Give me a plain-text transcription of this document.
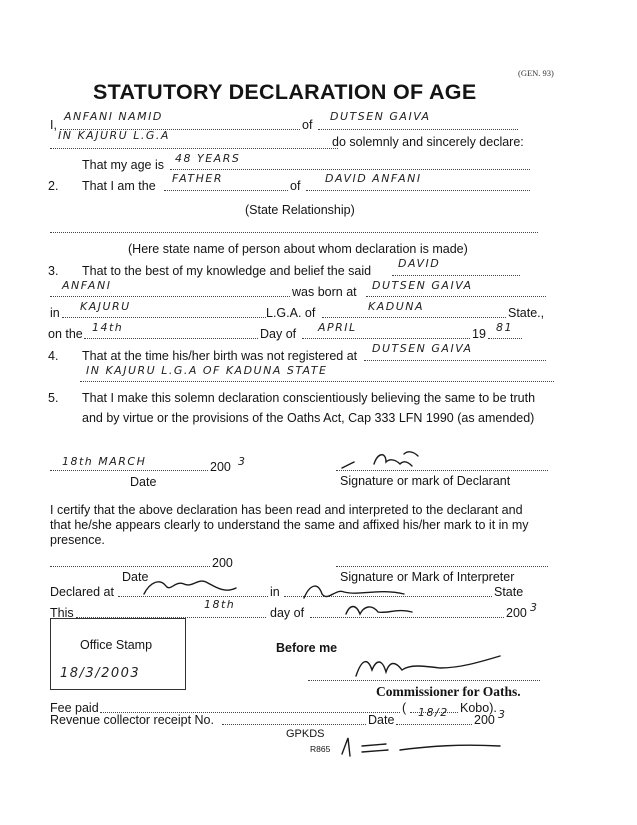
(GEN. 93)
STATUTORY DECLARATION OF AGE
I,
ANFANI NAMID
of
DUTSEN GAIVA
IN KAJURU L.G.A	do solemnly and sincerely declare:
That my age is 48 YEARS
2. That I am the
FATHER
of
DAVID ANFANI
(State Relationship)
(Here state name of person about whom declaration is made)
3. That to the best of my knowledge and belief the said
DAVID
ANFANI	was born at DUTSEN GAIVA
in KAJURU	L.G.A. of	KADUNA	State.,
on the 14th	Day of APRIL	19 81
4. That at the time his/her birth was not registered at
DUTSEN GAIVA
IN KAJURU L.G.A OF KADUNA STATE
5. That I make this solemn declaration conscientiously believing the same to be truth
and by virtue or the provisions of the Oaths Act, Cap 333 LFN 1990 (as amended)
18th MARCH	200 3
Date	Signature or mark of Declarant
I certify that the above declaration has been read and interpreted to the declarant and
that he/she appears clearly to understand the same and affixed his/her mark to it in my
presence.
200
Date	Signature or Mark of Interpreter
Declared at	in	State
This
18th
day of	200 3
Office Stamp
18/3/2003
Before me
Commissioner for Oaths.
Fee paid	(	Kobo).
Revenue collector receipt No.	Date
18/2
200 3
GPKDS
R865
